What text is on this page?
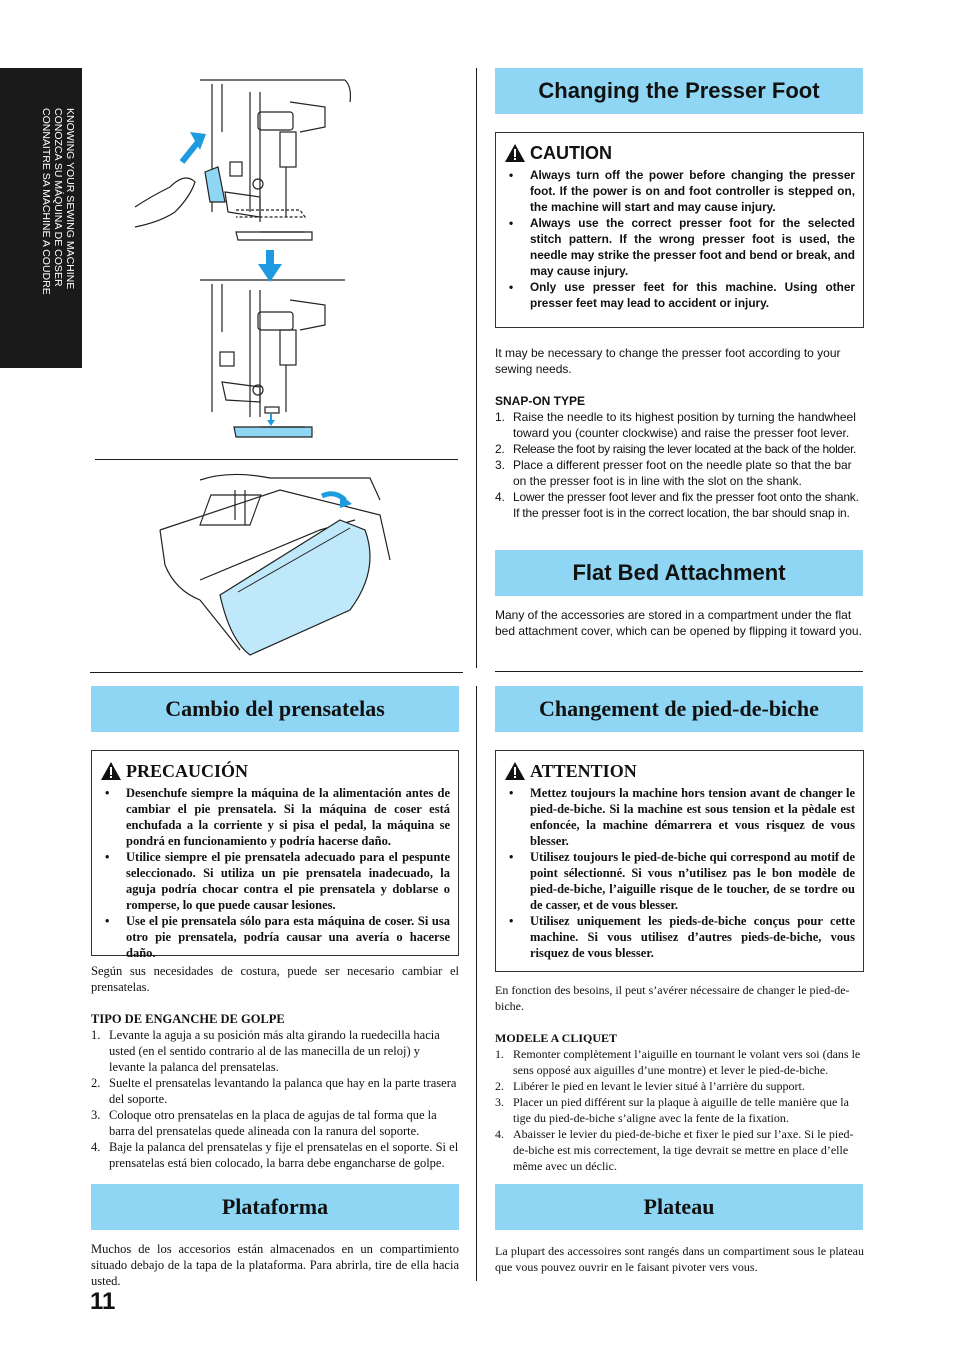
KNOWING YOUR SEWING MACHINE
CONOZCA SU MÁQUINA DE COSER
CONNAITRE SA MACHINE A COUDRE
Changing the Presser Foot
CAUTION
• Always turn off the power before changing the presser foot. If the power is on and foot controller is stepped on, the machine will start and may cause injury.
• Always use the correct presser foot for the selected stitch pattern. If the wrong presser foot is used, the needle may strike the presser foot and bend or break, and may cause injury.
• Only use presser feet for this machine. Using other presser feet may lead to accident or injury.

It may be necessary to change the presser foot according to your sewing needs.

SNAP-ON TYPE

1. Raise the needle to its highest position by turning the handwheel toward you (counter clockwise) and raise the presser foot lever.
2. Release the foot by raising the lever located at the back of the holder.
3. Place a different presser foot on the needle plate so that the bar on the presser foot is in line with the slot on the shank.
4. Lower the presser foot lever and fix the presser foot onto the shank. If the presser foot is in the correct location, the bar should snap in.
Flat Bed Attachment

Many of the accessories are stored in a compartment under the flat bed attachment cover, which can be opened by flipping it toward you.

Cambio del prensatelas
PRECAUCIÓN
• Desenchufe siempre la máquina de la alimentación antes de cambiar el pie prensatela. Si la máquina de coser está enchufada a la corriente y si pisa el pedal, la máquina se pondrá en funcionamiento y podría hacerse daño.
• Utilice siempre el pie prensatela adecuado para el pespunte seleccionado. Si utiliza un pie prensatela inadecuado, la aguja podría chocar contra el pie prensatela y doblarse o romperse, lo que puede causar lesiones.
• Use el pie prensatela sólo para esta máquina de coser. Si usa otro pie prensatela, podría causar una avería o hacerse daño.

Según sus necesidades de costura, puede ser necesario cambiar el prensatelas.

TIPO DE ENGANCHE DE GOLPE

1. Levante la aguja a su posición más alta girando la ruedecilla hacia usted (en el sentido contrario al de las manecilla de un reloj) y levante la palanca del prensatelas.
2. Suelte el prensatelas levantando la palanca que hay en la parte trasera del soporte.
3. Coloque otro prensatelas en la placa de agujas de tal forma que la barra del prensatelas quede alineada con la ranura del soporte.
4. Baje la palanca del prensatelas y fije el prensatelas en el soporte. Si el prensatelas está bien colocado, la barra debe engancharse de golpe.
Plataforma

Muchos de los accesorios están almacenados en un compartimiento situado debajo de la tapa de la plataforma. Para abrirla, tire de ella hacia usted.

Changement de pied-de-biche
ATTENTION
• Mettez toujours la machine hors tension avant de changer le pied-de-biche. Si la machine est sous tension et la pèdale est enfoncée, la machine démarrera et vous risquez de vous blesser.
• Utilisez toujours le pied-de-biche qui correspond au motif de point sélectionné. Si vous n’utilisez pas le bon modèle de pied-de-biche, l’aiguille risque de le toucher, de se tordre ou de casser, et de vous blesser.
• Utilisez uniquement les pieds-de-biche conçus pour cette machine. Si vous utilisez d’autres pieds-de-biche, vous risquez de vous blesser.

En fonction des besoins, il peut s’avérer nécessaire de changer le pied-de-biche.

MODELE A CLIQUET

1. Remonter complètement l’aiguille en tournant le volant vers soi (dans le sens opposé aux aiguilles d’une montre) et lever le pied-de-biche.
2. Libérer le pied en levant le levier situé à l’arrière du support.
3. Placer un pied différent sur la plaque à aiguille de telle manière que la tige du pied-de-biche s’aligne avec la fente de la fixation.
4. Abaisser le levier du pied-de-biche et fixer le pied sur l’axe. Si le pied-de-biche est mis correctement, la tige devrait se mettre en place d’elle même avec un déclic.
Plateau

La plupart des accessoires sont rangés dans un compartiment sous le plateau que vous pouvez ouvrir en le faisant pivoter vers vous.

11
